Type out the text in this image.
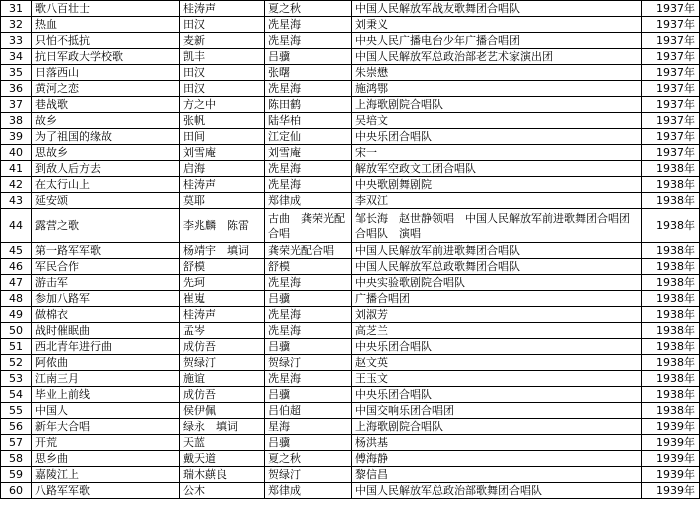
31	歌八百壮士	桂涛声	夏之秋	中国人民解放军战友歌舞团合唱队	1937年
32	热血	田汉	冼星海	刘秉义	1937年
33	只怕不抵抗	麦新	冼星海	中央人民广播电台少年广播合唱团	1937年
34	抗日军政大学校歌	凯丰	吕骥	中国人民解放军总政治部老艺术家演出团	1937年
35	日落西山	田汉	张曙	朱崇懋	1937年
36	黄河之恋	田汉	冼星海	施鸿鄂	1937年
37	巷战歌	方之中	陈田鹤	上海歌剧院合唱队	1937年
38	故乡	张帆	陆华柏	吴培文	1937年
39	为了祖国的缘故	田间	江定仙	中央乐团合唱队	1937年
40	思故乡	刘雪庵	刘雪庵	宋一	1937年
41	到敌人后方去	启海	冼星海	解放军空政文工团合唱队	1938年
42	在太行山上	桂涛声	冼星海	中央歌剧舞剧院	1938年
43	延安颂	莫耶	郑律成	李双江	1938年
44	露营之歌	李兆麟　陈雷	古曲　龚荣光配合唱	邹长海　赵世静领唱　中国人民解放军前进歌舞团合唱团合唱队　演唱	1938年
45	第一路军军歌	杨靖宇　填词	龚荣光配合唱	中国人民解放军前进歌舞团合唱队	1938年
46	军民合作	舒模	舒模	中国人民解放军总政歌舞团合唱队	1938年
47	游击军	先珂	冼星海	中央实验歌剧院合唱队	1938年
48	参加八路军	崔嵬	吕骥	广播合唱团	1938年
49	做棉衣	桂涛声	冼星海	刘淑芳	1938年
50	战时催眠曲	孟岑	冼星海	高芝兰	1938年
51	西北青年进行曲	成仿吾	吕骥	中央乐团合唱队	1938年
52	阿侬曲	贺绿汀	贺绿汀	赵文英	1938年
53	江南三月	施谊	冼星海	王玉文	1938年
54	毕业上前线	成仿吾	吕骥	中央乐团合唱队	1938年
55	中国人	侯伊佩	吕伯超	中国交响乐团合唱团	1938年
56	新年大合唱	绿永　填词	星海	上海歌剧院合唱队	1939年
57	开荒	天蓝	吕骥	杨洪基	1939年
58	思乡曲	戴天道	夏之秋	傅海静	1939年
59	嘉陵江上	瑞木蕻良	贺绿汀	黎信昌	1939年
60	八路军军歌	公木	郑律成	中国人民解放军总政治部歌舞团合唱队	1939年
